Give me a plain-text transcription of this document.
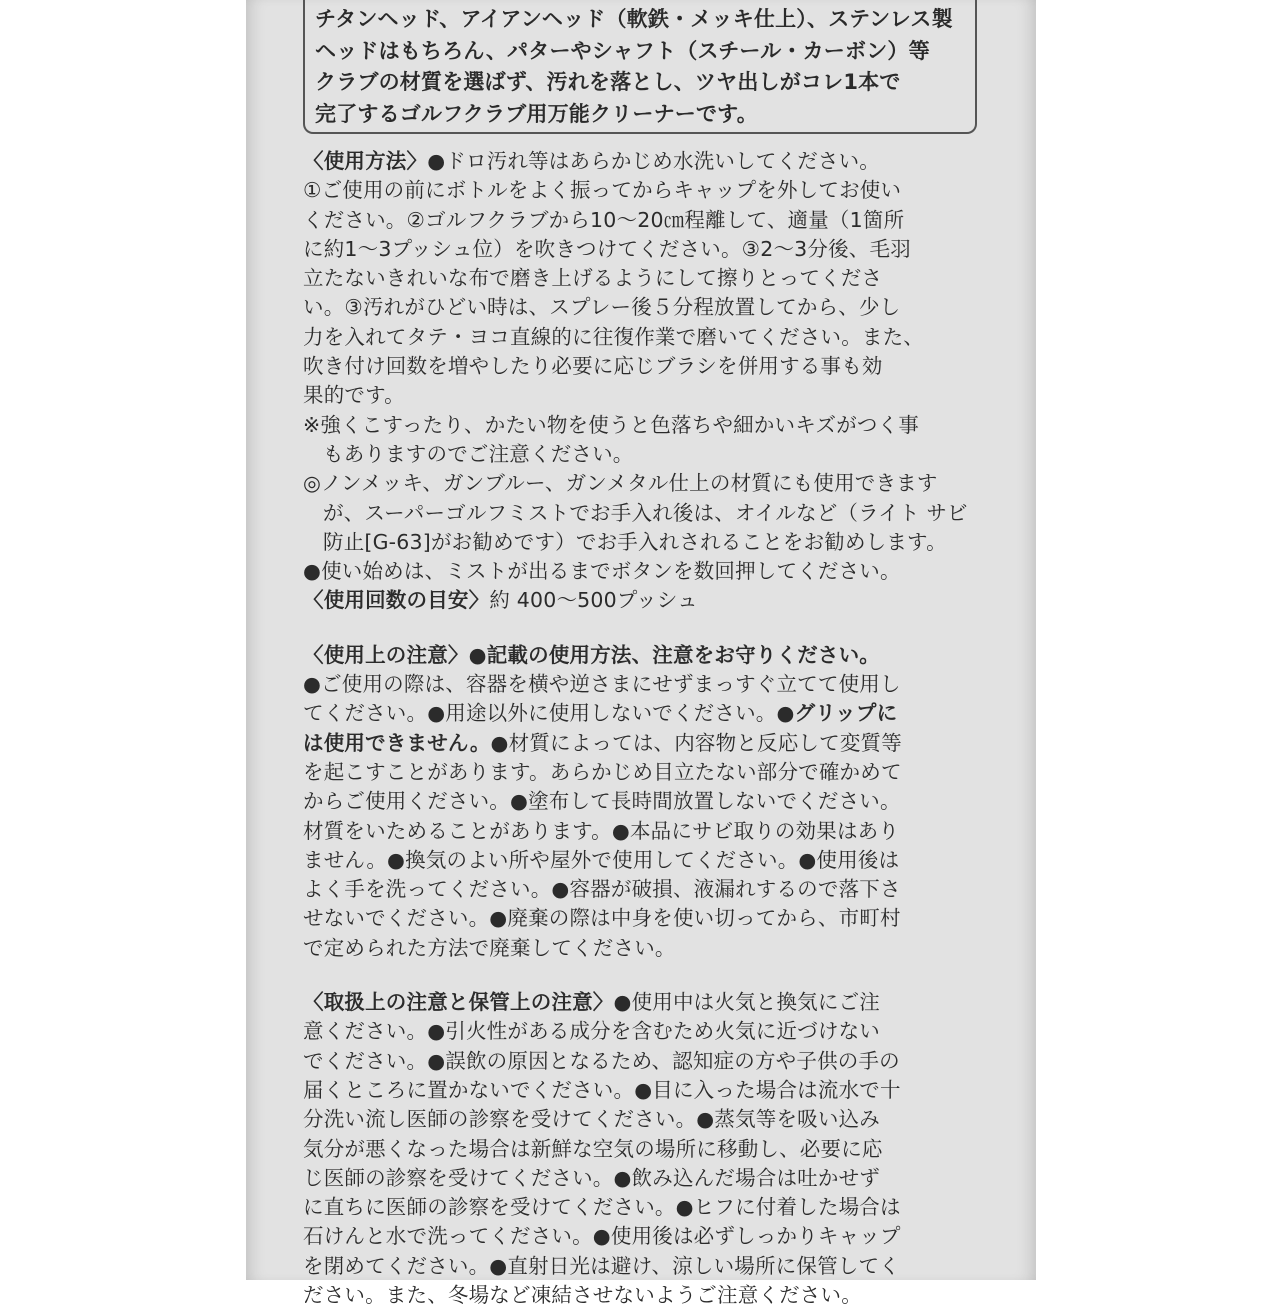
チタンヘッド、アイアンヘッド（軟鉄・メッキ仕上）、ステンレス製
ヘッドはもちろん、パターやシャフト（スチール・カーボン）等
クラブの材質を選ばず、汚れを落とし、ツヤ出しがコレ1本で
完了するゴルフクラブ用万能クリーナーです。
〈使用方法〉●ドロ汚れ等はあらかじめ水洗いしてください。
①ご使用の前にボトルをよく振ってからキャップを外してお使い
ください。②ゴルフクラブから10〜20㎝程離して、適量（1箇所
に約1〜3プッシュ位）を吹きつけてください。③2〜3分後、毛羽
立たないきれいな布で磨き上げるようにして擦りとってくださ
い。③汚れがひどい時は、スプレー後５分程放置してから、少し
力を入れてタテ・ヨコ直線的に往復作業で磨いてください。また、
吹き付け回数を増やしたり必要に応じブラシを併用する事も効
果的です。
※強くこすったり、かたい物を使うと色落ちや細かいキズがつく事
もありますのでご注意ください。
◎ノンメッキ、ガンブルー、ガンメタル仕上の材質にも使用できます
が、スーパーゴルフミストでお手入れ後は、オイルなど（ライト サビ
防止[G-63]がお勧めです）でお手入れされることをお勧めします。
●使い始めは、ミストが出るまでボタンを数回押してください。
〈使用回数の目安〉約 400〜500プッシュ
〈使用上の注意〉●記載の使用方法、注意をお守りください。
●ご使用の際は、容器を横や逆さまにせずまっすぐ立てて使用し
てください。●用途以外に使用しないでください。●グリップに
は使用できません。●材質によっては、内容物と反応して変質等
を起こすことがあります。あらかじめ目立たない部分で確かめて
からご使用ください。●塗布して長時間放置しないでください。
材質をいためることがあります。●本品にサビ取りの効果はあり
ません。●換気のよい所や屋外で使用してください。●使用後は
よく手を洗ってください。●容器が破損、液漏れするので落下さ
せないでください。●廃棄の際は中身を使い切ってから、市町村
で定められた方法で廃棄してください。
〈取扱上の注意と保管上の注意〉●使用中は火気と換気にご注
意ください。●引火性がある成分を含むため火気に近づけない
でください。●誤飲の原因となるため、認知症の方や子供の手の
届くところに置かないでください。●目に入った場合は流水で十
分洗い流し医師の診察を受けてください。●蒸気等を吸い込み
気分が悪くなった場合は新鮮な空気の場所に移動し、必要に応
じ医師の診察を受けてください。●飲み込んだ場合は吐かせず
に直ちに医師の診察を受けてください。●ヒフに付着した場合は
石けんと水で洗ってください。●使用後は必ずしっかりキャップ
を閉めてください。●直射日光は避け、涼しい場所に保管してく
ださい。また、冬場など凍結させないようご注意ください。
